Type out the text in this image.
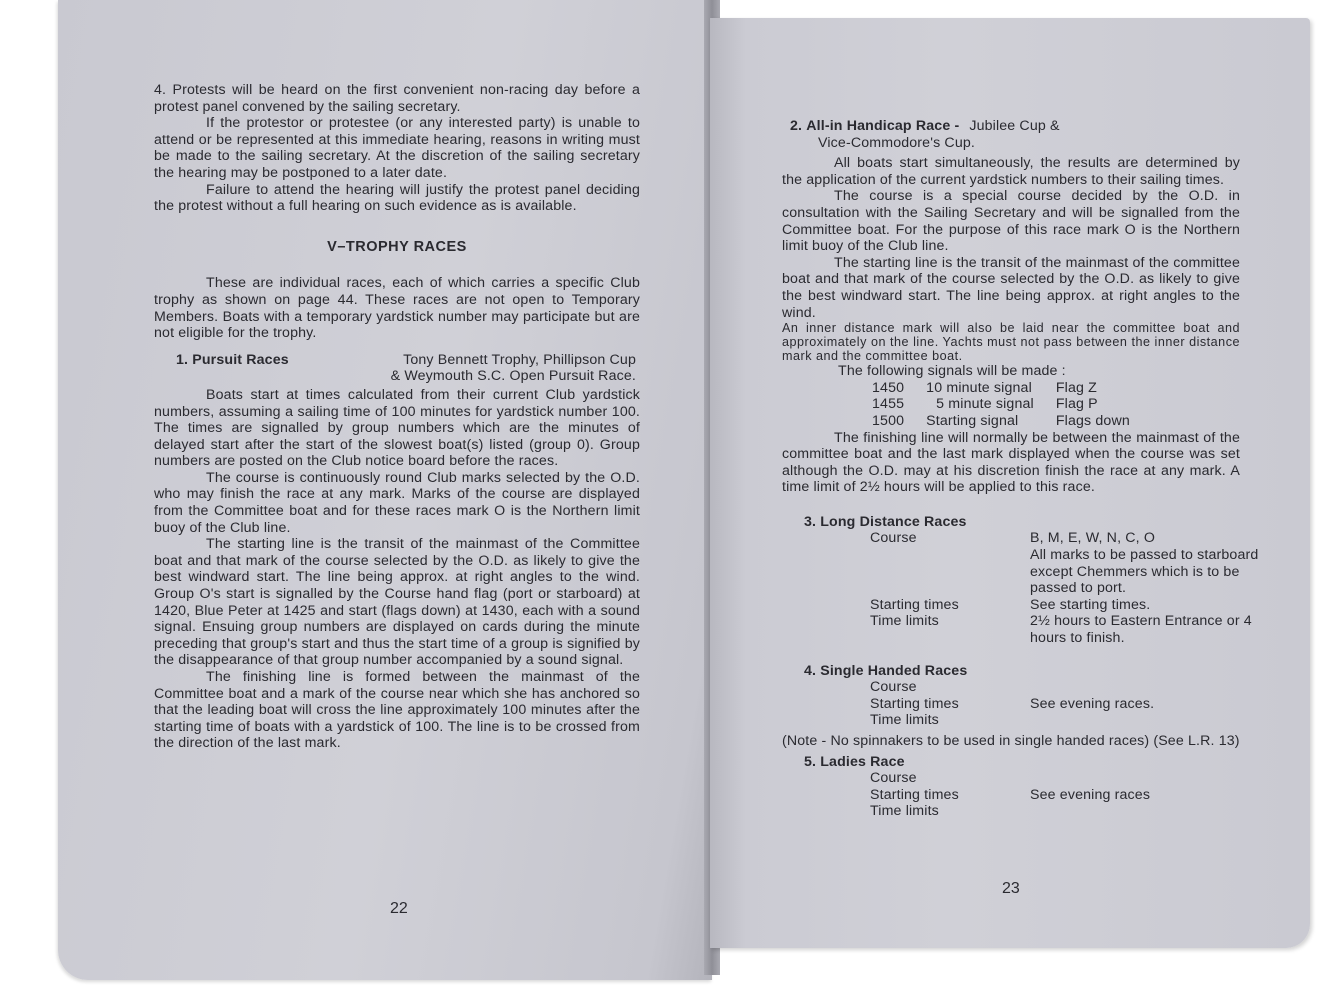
4. Protests will be heard on the first convenient non-racing day before a protest panel convened by the sailing secretary.

If the protestor or protestee (or any interested party) is unable to attend or be represented at this immediate hearing, reasons in writing must be made to the sailing secretary. At the discretion of the sailing secretary the hearing may be postponed to a later date.

Failure to attend the hearing will justify the protest panel deciding the protest without a full hearing on such evidence as is available.

V–TROPHY RACES

These are individual races, each of which carries a specific Club trophy as shown on page 44. These races are not open to Temporary Members. Boats with a temporary yardstick number may participate but are not eligible for the trophy.

1. Pursuit Races	Tony Bennett Trophy, Phillipson Cup
& Weymouth S.C. Open Pursuit Race.

Boats start at times calculated from their current Club yardstick numbers, assuming a sailing time of 100 minutes for yardstick number 100. The times are signalled by group numbers which are the minutes of delayed start after the start of the slowest boat(s) listed (group 0). Group numbers are posted on the Club notice board before the races.

The course is continuously round Club marks selected by the O.D. who may finish the race at any mark. Marks of the course are displayed from the Committee boat and for these races mark O is the Northern limit buoy of the Club line.

The starting line is the transit of the mainmast of the Committee boat and that mark of the course selected by the O.D. as likely to give the best windward start. The line being approx. at right angles to the wind. Group O's start is signalled by the Course hand flag (port or starboard) at 1420, Blue Peter at 1425 and start (flags down) at 1430, each with a sound signal. Ensuing group numbers are displayed on cards during the minute preceding that group's start and thus the start time of a group is signified by the disappearance of that group number accompanied by a sound signal.

The finishing line is formed between the mainmast of the Committee boat and a mark of the course near which she has anchored so that the leading boat will cross the line approximately 100 minutes after the starting time of boats with a yardstick of 100. The line is to be crossed from the direction of the last mark.

22
2. All-in Handicap Race - Jubilee Cup &
Vice-Commodore's Cup.

All boats start simultaneously, the results are determined by the application of the current yardstick numbers to their sailing times.

The course is a special course decided by the O.D. in consultation with the Sailing Secretary and will be signalled from the Committee boat. For the purpose of this race mark O is the Northern limit buoy of the Club line.

The starting line is the transit of the mainmast of the committee boat and that mark of the course selected by the O.D. as likely to give the best windward start. The line being approx. at right angles to the wind.

An inner distance mark will also be laid near the committee boat and approximately on the line. Yachts must not pass between the inner distance mark and the committee boat.

The following signals will be made :
1450	10 minute signal	Flag Z
1455	5 minute signal	Flag P
1500	Starting signal	Flags down

The finishing line will normally be between the mainmast of the committee boat and the last mark displayed when the course was set although the O.D. may at his discretion finish the race at any mark. A time limit of 2½ hours will be applied to this race.

3. Long Distance Races
Course	B, M, E, W, N, C, O
All marks to be passed to starboard except Chemmers which is to be passed to port.
Starting times	See starting times.
Time limits	2½ hours to Eastern Entrance or 4 hours to finish.
4. Single Handed Races
Course
Starting times	See evening races.
Time limits

(Note - No spinnakers to be used in single handed races) (See L.R. 13)

5. Ladies Race
Course
Starting times	See evening races
Time limits
23
